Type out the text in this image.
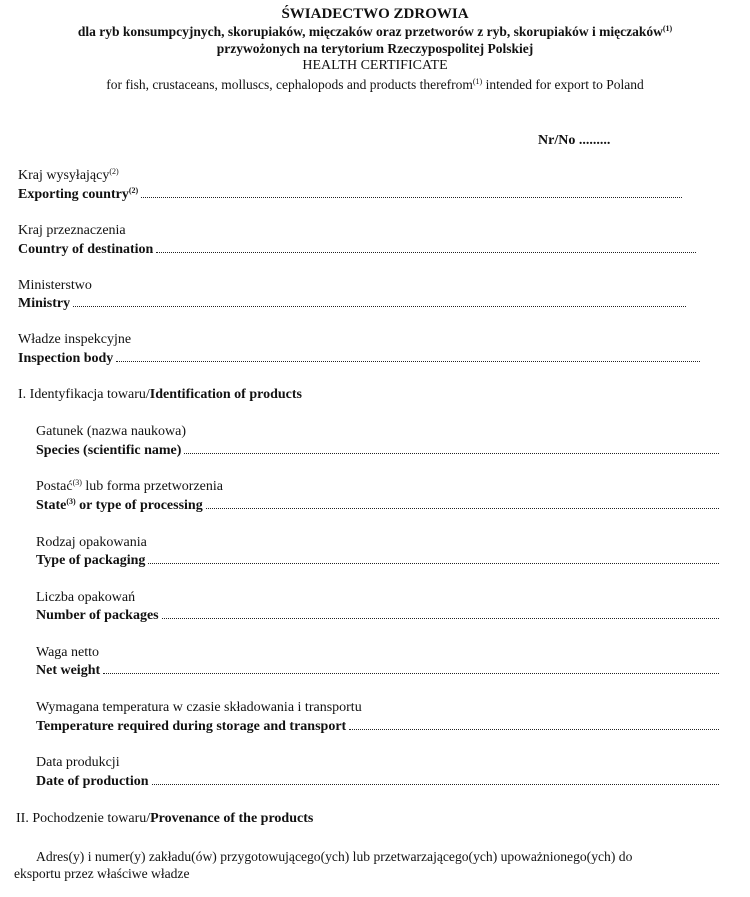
ŚWIADECTWO ZDROWIA
dla ryb konsumpcyjnych, skorupiaków, mięczaków oraz przetworów z ryb, skorupiaków i mięczaków$^{(1)}$
przywożonych na terytorium Rzeczypospolitej Polskiej
HEALTH CERTIFICATE
for fish, crustaceans, molluscs, cephalopods and products therefrom$^{(1)}$ intended for export to Poland
Nr/No .........
Kraj wysyłający$^{(2)}$
Exporting country$^{(2)}$
Kraj przeznaczenia
Country of destination
Ministerstwo
Ministry
Władze inspekcyjne
Inspection body
I. Identyfikacja towaru/Identification of products
Gatunek (nazwa naukowa)
Species (scientific name)
Postać$^{(3)}$ lub forma przetworzenia
State$^{(3)}$ or type of processing
Rodzaj opakowania
Type of packaging
Liczba opakowań
Number of packages
Waga netto
Net weight
Wymagana temperatura w czasie składowania i transportu
Temperature required during storage and transport
Data produkcji
Date of production
II. Pochodzenie towaru/Provenance of the products
Adres(y) i numer(y) zakładu(ów) przygotowującego(ych) lub przetwarzającego(ych) upoważnionego(ych) do
eksportu przez właściwe władze
